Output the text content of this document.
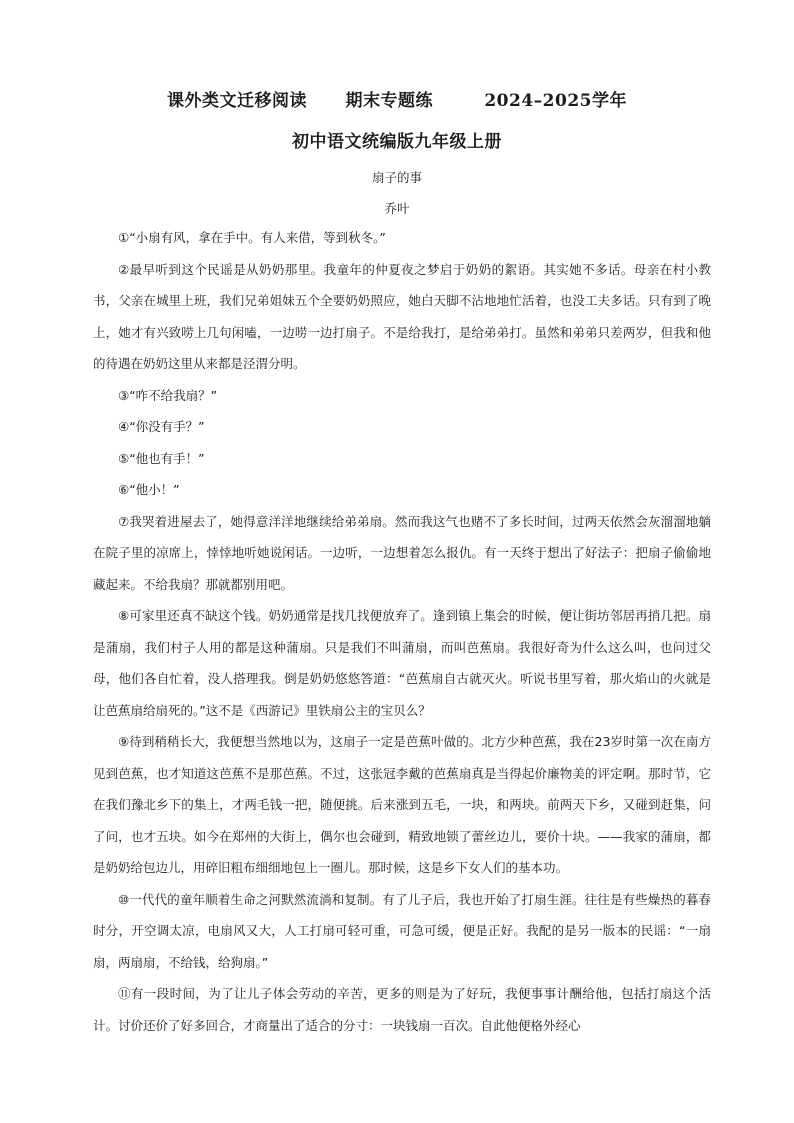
课外类文迁移阅读      期末专题练        2024–2025学年
初中语文统编版九年级上册
扇子的事
乔叶

①“小扇有风，拿在手中。有人来借，等到秋冬。”

②最早听到这个民谣是从奶奶那里。我童年的仲夏夜之梦启于奶奶的絮语。其实她不多话。母亲在村小教书，父亲在城里上班，我们兄弟姐妹五个全要奶奶照应，她白天脚不沾地地忙活着，也没工夫多话。只有到了晚上，她才有兴致唠上几句闲嗑，一边唠一边打扇子。不是给我打，是给弟弟打。虽然和弟弟只差两岁，但我和他的待遇在奶奶这里从来都是泾渭分明。

③“咋不给我扇？”

④“你没有手？”

⑤“他也有手！”

⑥“他小！”

⑦我哭着进屋去了，她得意洋洋地继续给弟弟扇。然而我这气也赌不了多长时间，过两天依然会灰溜溜地躺在院子里的凉席上，悻悻地听她说闲话。一边听，一边想着怎么报仇。有一天终于想出了好法子：把扇子偷偷地藏起来。不给我扇？那就都别用吧。

⑧可家里还真不缺这个钱。奶奶通常是找几找便放弃了。逢到镇上集会的时候，便让街坊邻居再捎几把。扇是蒲扇，我们村子人用的都是这种蒲扇。只是我们不叫蒲扇，而叫芭蕉扇。我很好奇为什么这么叫，也问过父母，他们各自忙着，没人搭理我。倒是奶奶悠悠答道：“芭蕉扇自古就灭火。听说书里写着，那火焰山的火就是让芭蕉扇给扇死的。”这不是《西游记》里铁扇公主的宝贝么？

⑨待到稍稍长大，我便想当然地以为，这扇子一定是芭蕉叶做的。北方少种芭蕉，我在23岁时第一次在南方见到芭蕉，也才知道这芭蕉不是那芭蕉。不过，这张冠李戴的芭蕉扇真是当得起价廉物美的评定啊。那时节，它在我们豫北乡下的集上，才两毛钱一把，随便挑。后来涨到五毛，一块，和两块。前两天下乡，又碰到赶集，问了问，也才五块。如今在郑州的大街上，偶尔也会碰到，精致地锁了蕾丝边儿，要价十块。——我家的蒲扇，都是奶奶给包边儿，用碎旧粗布细细地包上一圈儿。那时候，这是乡下女人们的基本功。

⑩一代代的童年顺着生命之河默然流淌和复制。有了儿子后，我也开始了打扇生涯。往往是有些燥热的暮春时分，开空调太凉，电扇风又大，人工打扇可轻可重，可急可缓，便是正好。我配的是另一版本的民谣：“一扇扇，两扇扇，不给钱，给狗扇。”

⑪有一段时间，为了让儿子体会劳动的辛苦，更多的则是为了好玩，我便事事计酬给他，包括打扇这个活计。讨价还价了好多回合，才商量出了适合的分寸：一块钱扇一百次。自此他便格外经心
